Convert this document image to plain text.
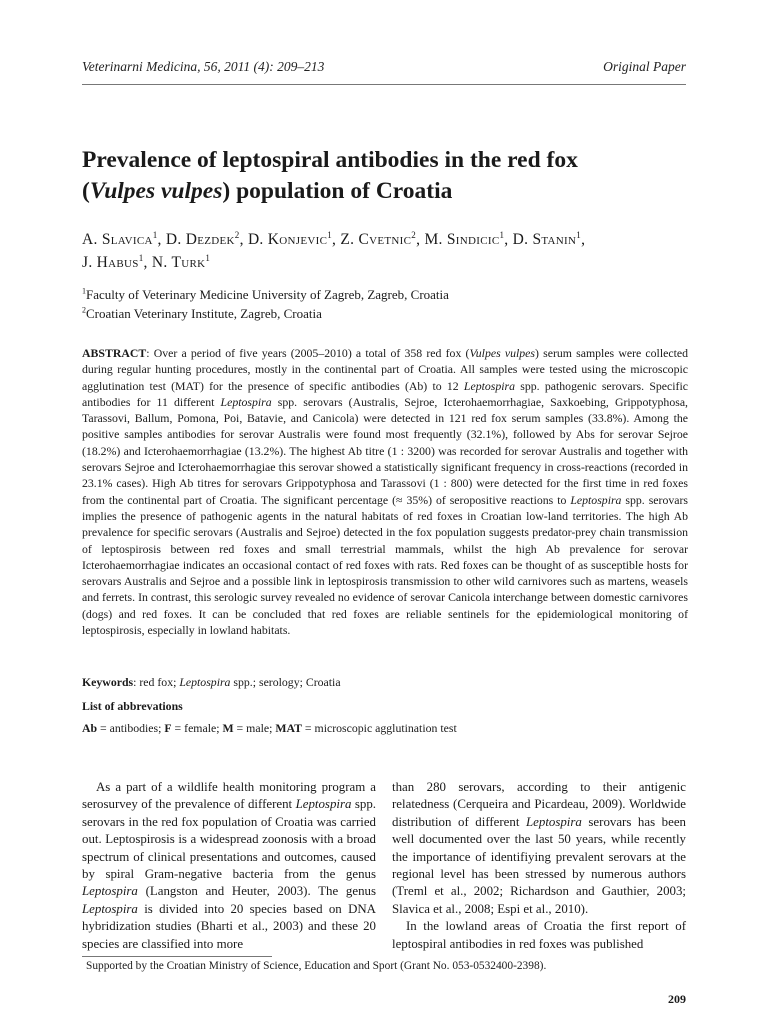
Veterinarni Medicina, 56, 2011 (4): 209–213	Original Paper
Prevalence of leptospiral antibodies in the red fox
(Vulpes vulpes) population of Croatia
A. Slavica$^1$, D. Dezdek$^2$, D. Konjevic$^1$, Z. Cvetnic$^2$, M. Sindicic$^1$, D. Stanin$^1$,
J. Habus$^1$, N. Turk$^1$
$^1$Faculty of Veterinary Medicine University of Zagreb, Zagreb, Croatia
$^2$Croatian Veterinary Institute, Zagreb, Croatia

ABSTRACT: Over a period of five years (2005–2010) a total of 358 red fox (Vulpes vulpes) serum samples were collected during regular hunting procedures, mostly in the continental part of Croatia. All samples were tested using the microscopic agglutination test (MAT) for the presence of specific antibodies (Ab) to 12 Leptospira spp. pathogenic serovars. Specific antibodies for 11 different Leptospira spp. serovars (Australis, Sejroe, Icterohaemorrhagiae, Saxkoebing, Grippotyphosa, Tarassovi, Ballum, Pomona, Poi, Batavie, and Canicola) were detected in 121 red fox serum samples (33.8%). Among the positive samples antibodies for serovar Australis were found most frequently (32.1%), followed by Abs for serovar Sejroe (18.2%) and Icterohaemorrhagiae (13.2%). The highest Ab titre (1 : 3200) was recorded for serovar Australis and together with serovars Sejroe and Icterohaemorrhagiae this serovar showed a statistically significant frequency in cross-reactions (recorded in 23.1% cases). High Ab titres for serovars Grippotyphosa and Tarassovi (1 : 800) were detected for the first time in red foxes from the continental part of Croatia. The significant percentage (≈ 35%) of seropositive reactions to Leptospira spp. serovars implies the presence of pathogenic agents in the natural habitats of red foxes in Croatian low-land territories. The high Ab prevalence for specific serovars (Australis and Sejroe) detected in the fox population suggests predator-prey chain transmission of leptospirosis between red foxes and small terrestrial mammals, whilst the high Ab prevalence for serovar Icterohaemorrhagiae indicates an occasional contact of red foxes with rats. Red foxes can be thought of as susceptible hosts for serovars Australis and Sejroe and a possible link in leptospirosis transmission to other wild carnivores such as martens, weasels and ferrets. In contrast, this serologic survey revealed no evidence of serovar Canicola interchange between domestic carnivores (dogs) and red foxes. It can be concluded that red foxes are reliable sentinels for the epidemiological monitoring of leptospirosis, especially in lowland habitats.

Keywords: red fox; Leptospira spp.; serology; Croatia
List of abbrevations
Ab = antibodies; F = female; M = male; MAT = microscopic agglutination test

As a part of a wildlife health monitoring program a serosurvey of the prevalence of different Leptospira spp. serovars in the red fox population of Croatia was carried out. Leptospirosis is a widespread zoonosis with a broad spectrum of clinical presentations and outcomes, caused by spiral Gram-negative bacteria from the genus Leptospira (Langston and Heuter, 2003). The genus Leptospira is divided into 20 species based on DNA hybridization studies (Bharti et al., 2003) and these 20 species are classified into more

than 280 serovars, according to their antigenic relatedness (Cerqueira and Picardeau, 2009). Worldwide distribution of different Leptospira serovars has been well documented over the last 50 years, while recently the importance of identifiying prevalent serovars at the regional level has been stressed by numerous authors (Treml et al., 2002; Richardson and Gauthier, 2003; Slavica et al., 2008; Espi et al., 2010).

In the lowland areas of Croatia the first report of leptospiral antibodies in red foxes was published

Supported by the Croatian Ministry of Science, Education and Sport (Grant No. 053-0532400-2398).
209
